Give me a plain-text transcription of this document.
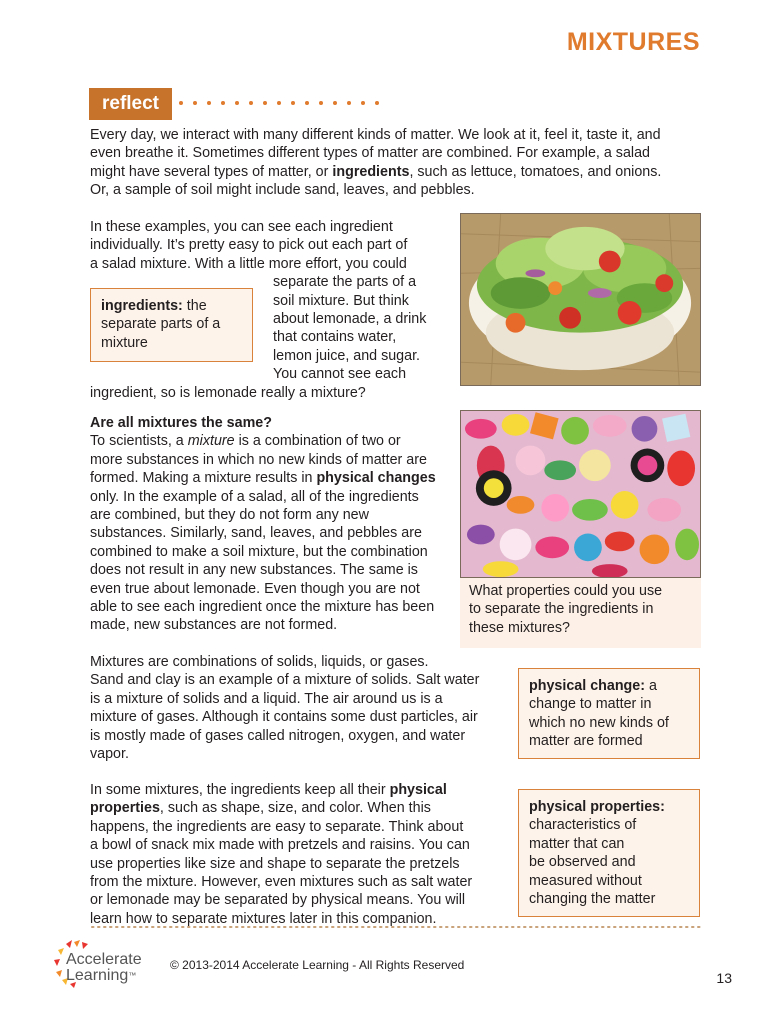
MIXTURES
reflect
Every day, we interact with many different kinds of matter. We look at it, feel it, taste it, and
even breathe it. Sometimes different types of matter are combined. For example, a salad
might have several types of matter, or ingredients, such as lettuce, tomatoes, and onions.
Or, a sample of soil might include sand, leaves, and pebbles.
In these examples, you can see each ingredient
individually. It’s pretty easy to pick out each part of
a salad mixture. With a little more effort, you could
separate the parts of a
soil mixture. But think
about lemonade, a drink
that contains water,
lemon juice, and sugar.
You cannot see each
ingredient, so is lemonade really a mixture?
ingredients: the
separate parts of a
mixture
Are all mixtures the same?
To scientists, a mixture is a combination of two or
more substances in which no new kinds of matter are
formed. Making a mixture results in physical changes
only. In the example of a salad, all of the ingredients
are combined, but they do not form any new
substances. Similarly, sand, leaves, and pebbles are
combined to make a soil mixture, but the combination
does not result in any new substances. The same is
even true about lemonade. Even though you are not
able to see each ingredient once the mixture has been
made, new substances are not formed.
What properties could you use
to separate the ingredients in
these mixtures?
Mixtures are combinations of solids, liquids, or gases.
Sand and clay is an example of a mixture of solids. Salt water
is a mixture of solids and a liquid. The air around us is a
mixture of gases. Although it contains some dust particles, air
is mostly made of gases called nitrogen, oxygen, and water
vapor.
physical change: a
change to matter in
which no new kinds of
matter are formed
In some mixtures, the ingredients keep all their physical
properties, such as shape, size, and color. When this
happens, the ingredients are easy to separate. Think about
a bowl of snack mix made with pretzels and raisins. You can
use properties like size and shape to separate the pretzels
from the mixture. However, even mixtures such as salt water
or lemonade may be separated by physical means. You will
learn how to separate mixtures later in this companion.
physical properties:
characteristics of
matter that can
be observed and
measured without
changing the matter
Accelerate
Learning™
© 2013-2014 Accelerate Learning - All Rights Reserved
13
